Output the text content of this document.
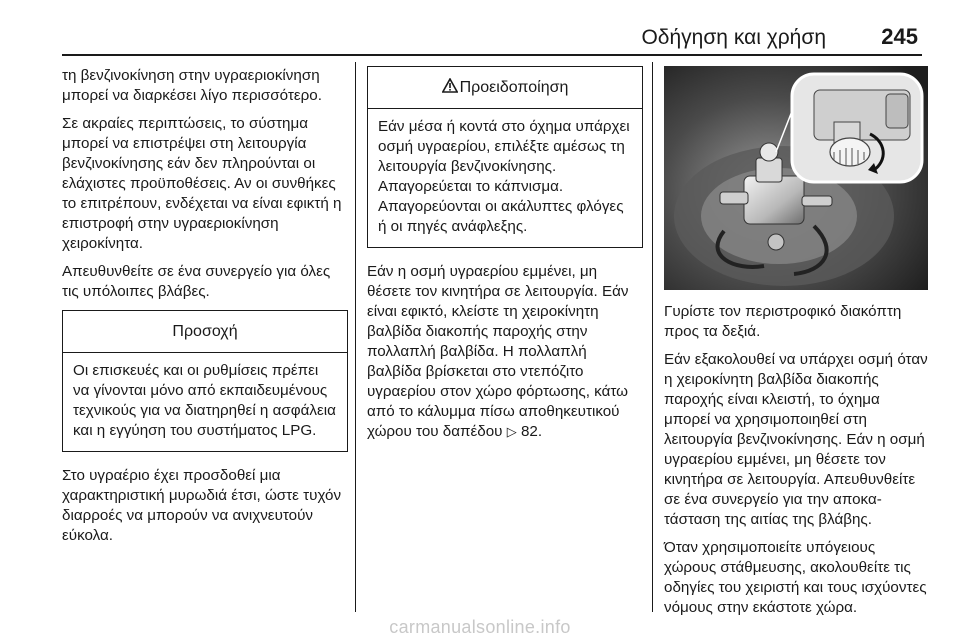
Οδήγηση και χρήση	245

τη βενζινοκίνηση στην υγραεριοκίνηση μπορεί να διαρκέσει λίγο περισσότερο.

Σε ακραίες περιπτώσεις, το σύστημα μπορεί να επιστρέψει στη λειτουργία βενζινοκίνησης εάν δεν πληρούνται οι ελάχιστες προϋποθέσεις. Αν οι συνθήκες το επιτρέπουν, ενδέχεται να είναι εφικτή η επιστροφή στην υγραεριοκίνηση χειροκίνητα.

Απευθυνθείτε σε ένα συνεργείο για όλες τις υπόλοιπες βλάβες.

Προσοχή
Οι επισκευές και οι ρυθμίσεις πρέπει να γίνονται μόνο από εκπαιδευμένους τεχνικούς για να διατηρηθεί η ασφάλεια και η εγγύηση του συστήματος LPG.

Στο υγραέριο έχει προσδοθεί μια χαρακτηριστική μυρωδιά έτσι, ώστε τυχόν διαρροές να μπορούν να ανιχνευτούν εύκολα.

Προειδοποίηση
Εάν μέσα ή κοντά στο όχημα υπάρχει οσμή υγραερίου, επιλέξτε αμέσως τη λειτουργία βενζινοκίνησης. Απαγορεύεται το κάπνισμα. Απαγορεύονται οι ακάλυπτες φλόγες ή οι πηγές ανάφλεξης.

Εάν η οσμή υγραερίου εμμένει, μη θέσετε τον κινητήρα σε λειτουργία. Εάν είναι εφικτό, κλείστε τη χειροκίνητη βαλβίδα διακοπής παροχής στην πολλαπλή βαλβίδα. Η πολλαπλή βαλβίδα βρίσκεται στο ντεπόζιτο υγραερίου στον χώρο φόρτωσης, κάτω από το κάλυμμα πίσω αποθηκευτικού χώρου του δαπέδου ▷ 82.

Γυρίστε τον περιστροφικό διακόπτη προς τα δεξιά.

Εάν εξακολουθεί να υπάρχει οσμή όταν η χειροκίνητη βαλβίδα διακοπής παροχής είναι κλειστή, το όχημα μπορεί να χρησιμοποιηθεί στη λειτουργία βενζινοκίνησης. Εάν η οσμή υγραερίου εμμένει, μη θέσετε τον κινητήρα σε λειτουργία. Απευθυνθείτε σε ένα συνεργείο για την αποκατάσταση της αιτίας της βλάβης.

Όταν χρησιμοποιείτε υπόγειους χώρους στάθμευσης, ακολουθείτε τις οδηγίες του χειριστή και τους ισχύοντες νόμους στην εκάστοτε χώρα.

carmanualsonline.info
